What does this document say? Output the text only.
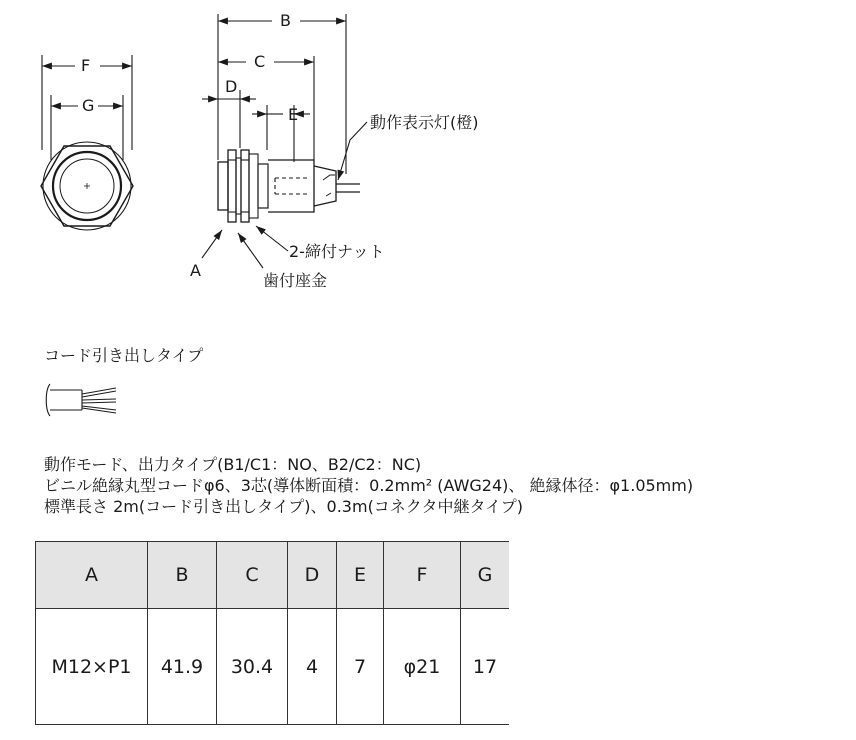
F
G
B
C
D
E	動作表示灯(橙)
2-締付ナット
歯付座金
A
コード引き出しタイプ
動作モード、出力タイプ(B1/C1：NO、B2/C2：NC)
ビニル絶縁丸型コードφ6、3芯(導体断面積：0.2mm² (AWG24)、 絶縁体径：φ1.05mm)
標準長さ 2m(コード引き出しタイプ)、0.3m(コネクタ中継タイプ)
A	B	C	D	E	F	G
M12×P1	41.9	30.4	4	7	φ21	17
